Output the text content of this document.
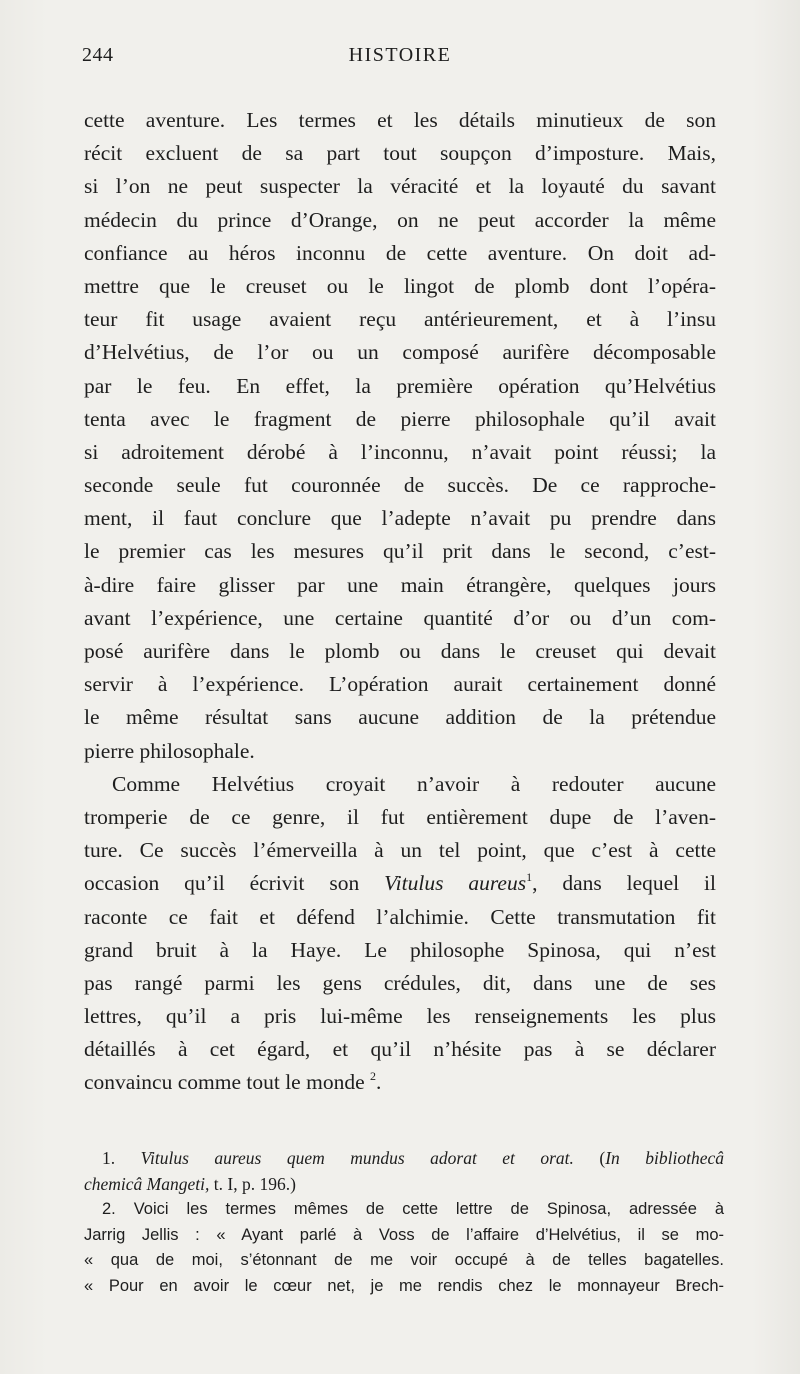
244	HISTOIRE
cette aventure. Les termes et les détails minutieux de son
récit excluent de sa part tout soupçon d’imposture. Mais,
si l’on ne peut suspecter la véracité et la loyauté du savant
médecin du prince d’Orange, on ne peut accorder la même
confiance au héros inconnu de cette aventure. On doit ad-
mettre que le creuset ou le lingot de plomb dont l’opéra-
teur fit usage avaient reçu antérieurement, et à l’insu
d’Helvétius, de l’or ou un composé aurifère décomposable
par le feu. En effet, la première opération qu’Helvétius
tenta avec le fragment de pierre philosophale qu’il avait
si adroitement dérobé à l’inconnu, n’avait point réussi; la
seconde seule fut couronnée de succès. De ce rapproche-
ment, il faut conclure que l’adepte n’avait pu prendre dans
le premier cas les mesures qu’il prit dans le second, c’est-
à-dire faire glisser par une main étrangère, quelques jours
avant l’expérience, une certaine quantité d’or ou d’un com-
posé aurifère dans le plomb ou dans le creuset qui devait
servir à l’expérience. L’opération aurait certainement donné
le même résultat sans aucune addition de la prétendue
pierre philosophale.
Comme Helvétius croyait n’avoir à redouter aucune
tromperie de ce genre, il fut entièrement dupe de l’aven-
ture. Ce succès l’émerveilla à un tel point, que c’est à cette
occasion qu’il écrivit son Vitulus aureus$^1$, dans lequel il
raconte ce fait et défend l’alchimie. Cette transmutation fit
grand bruit à la Haye. Le philosophe Spinosa, qui n’est
pas rangé parmi les gens crédules, dit, dans une de ses
lettres, qu’il a pris lui-même les renseignements les plus
détaillés à cet égard, et qu’il n’hésite pas à se déclarer
convaincu comme tout le monde $^2$.
1. Vitulus aureus quem mundus adorat et orat. (In bibliothecâ
chemicâ Mangeti, t. I, p. 196.)
2. Voici les termes mêmes de cette lettre de Spinosa, adressée à
Jarrig Jellis : « Ayant parlé à Voss de l’affaire d’Helvétius, il se mo-
« qua de moi, s’étonnant de me voir occupé à de telles bagatelles.
« Pour en avoir le cœur net, je me rendis chez le monnayeur Brech-
